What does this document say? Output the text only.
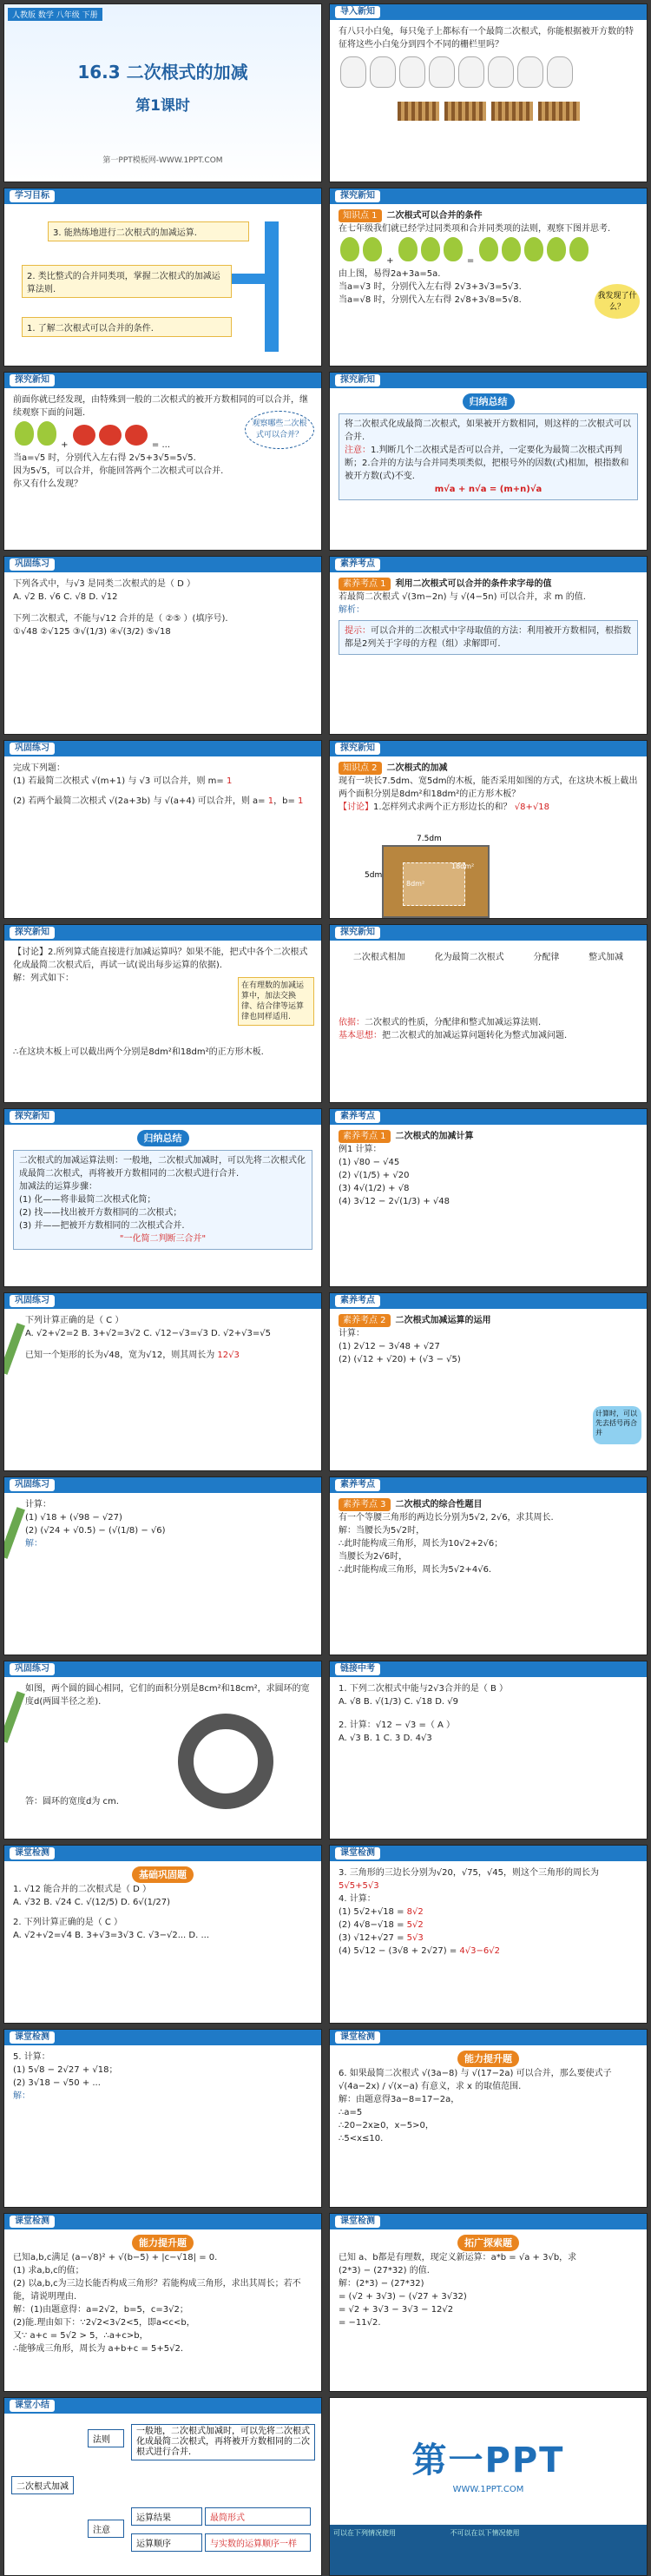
人教版 数学 八年级 下册
16.3 二次根式的加减
第1课时
第一PPT模板网-WWW.1PPT.COM
导入新知
有八只小白兔，每只兔子上都标有一个最简二次根式，你能根据被开方数的特征将这些小白兔分到四个不同的栅栏里吗？
学习目标
3. 能熟练地进行二次根式的加减运算.
2. 类比整式的合并同类项，掌握二次根式的加减运算法则.
1. 了解二次根式可以合并的条件.
探究新知
知识点 1 二次根式可以合并的条件
在七年级我们就已经学过同类项和合并同类项的法则，观察下图并思考.
+	=
由上图，易得2a+3a=5a.
当a=√3 时，分别代入左右得 2√3+3√3=5√3.
当a=√8 时，分别代入左右得 2√8+3√8=5√8.	我发现了什么？
探究新知
前面你就已经发现，由特殊到一般的二次根式的被开方数相同的可以合并，继续观察下面的问题.
+	= ...
当a=√5 时，分别代入左右得 2√5+3√5=5√5.
因为5√5，可以合并，你能回答两个二次根式可以合并.
你又有什么发现？
观察哪些二次根式可以合并？
探究新知
归纳总结
将二次根式化成最简二次根式，如果被开方数相同，则这样的二次根式可以合并.
注意：1.判断几个二次根式是否可以合并，一定要化为最简二次根式再判断；2.合并的方法与合并同类项类似，把根号外的因数(式)相加，根指数和被开方数(式)不变.
m√a + n√a = (m+n)√a
巩固练习
下列各式中，与√3 是同类二次根式的是（ D ）
A. √2 B. √6 C. √8 D. √12
下列二次根式，不能与√12 合并的是（ ②⑤ ）(填序号).
①√48 ②√125 ③√(1/3) ④√(3/2) ⑤√18
素养考点
素养考点 1 利用二次根式可以合并的条件求字母的值
若最简二次根式 √(3m−2n) 与 √(4−5n) 可以合并，求 m 的值.
解析：
提示：可以合并的二次根式中字母取值的方法：利用被开方数相同，根指数都是2列关于字母的方程（组）求解即可.
巩固练习
完成下列题：
(1) 若最简二次根式 √(m+1) 与 √3 可以合并，则 m= 1
(2) 若两个最简二次根式 √(2a+3b) 与 √(a+4) 可以合并，则 a= 1，b= 1
探究新知
知识点 2 二次根式的加减
现有一块长7.5dm、宽5dm的木板，能否采用如图的方式，在这块木板上截出两个面积分别是8dm²和18dm²的正方形木板？
【讨论】1.怎样列式求两个正方形边长的和？ √8+√18
7.5dm
5dm
8dm²
18dm²
探究新知
【讨论】2.所列算式能直接进行加减运算吗？如果不能，把式中各个二次根式化成最简二次根式后，再试一试(说出每步运算的依据).
解：列式如下：
在有理数的加减运算中，加法交换律、结合律等运算律也同样适用.
∴在这块木板上可以截出两个分别是8dm²和18dm²的正方形木板.
探究新知
二次根式相加	化为最简二次根式	分配律	整式加减
依据：二次根式的性质，分配律和整式加减运算法则.
基本思想：把二次根式的加减运算问题转化为整式加减问题.
探究新知
归纳总结
二次根式的加减运算法则：一般地，二次根式加减时，可以先将二次根式化成最简二次根式，再将被开方数相同的二次根式进行合并.
加减法的运算步骤：
(1) 化——将非最简二次根式化简；
(2) 找——找出被开方数相同的二次根式；
(3) 并——把被开方数相同的二次根式合并.
"一化简二判断三合并"
素养考点
素养考点 1 二次根式的加减计算
例1 计算：
(1) √80 − √45
(2) √(1/5) + √20
(3) 4√(1/2) + √8
(4) 3√12 − 2√(1/3) + √48
巩固练习
下列计算正确的是（ C ）
A. √2+√2=2 B. 3+√2=3√2 C. √12−√3=√3 D. √2+√3=√5
已知一个矩形的长为√48，宽为√12，则其周长为 12√3
素养考点
素养考点 2 二次根式加减运算的运用
计算：
(1) 2√12 − 3√48 + √27
(2) (√12 + √20) + (√3 − √5)
计算时，可以先去括号再合并
巩固练习
计算：
(1) √18 + (√98 − √27)
(2) (√24 + √0.5) − (√(1/8) − √6)
解：
素养考点
素养考点 3 二次根式的综合性题目
有一个等腰三角形的两边长分别为5√2, 2√6，求其周长.
解：当腰长为5√2时，
∴此时能构成三角形，周长为10√2+2√6；
当腰长为2√6时，
∴此时能构成三角形，周长为5√2+4√6.
巩固练习
如图，两个圆的圆心相同，它们的面积分别是8cm²和18cm²，求圆环的宽度d(两圆半径之差).
答：圆环的宽度d为 cm.
链接中考
1. 下列二次根式中能与2√3合并的是（ B ）
A. √8 B. √(1/3) C. √18 D. √9
2. 计算：√12 − √3 =（ A ）
A. √3 B. 1 C. 3 D. 4√3
课堂检测
基础巩固题
1. √12 能合并的二次根式是（ D ）
A. √32 B. √24 C. √(12/5) D. 6√(1/27)
2. 下列计算正确的是（ C ）
A. √2+√2=√4 B. 3+√3=3√3 C. √3−√2... D. ...
课堂检测
3. 三角形的三边长分别为√20，√75，√45，则这个三角形的周长为 5√5+5√3
4. 计算：
(1) 5√2+√18 = 8√2
(2) 4√8−√18 = 5√2
(3) √12+√27 = 5√3
(4) 5√12 − (3√8 + 2√27) = 4√3−6√2
课堂检测
5. 计算：
(1) 5√8 − 2√27 + √18；
(2) 3√18 − √50 + ...
解：
课堂检测
能力提升题
6. 如果最简二次根式 √(3a−8) 与 √(17−2a) 可以合并，那么要使式子 √(4a−2x) / √(x−a) 有意义，求 x 的取值范围.
解：由题意得3a−8=17−2a，
∴a=5
∴20−2x≥0，x−5>0，
∴5<x≤10.
课堂检测
能力提升题
已知a,b,c满足 (a−√8)² + √(b−5) + |c−√18| = 0.
(1) 求a,b,c的值；
(2) 以a,b,c为三边长能否构成三角形？若能构成三角形，求出其周长；若不能，请说明理由.
解：(1)由题意得：a=2√2，b=5，c=3√2；
(2)能.理由如下：∵2√2<3√2<5，即a<c<b，
又∵ a+c = 5√2 > 5，∴a+c>b，
∴能够成三角形，周长为 a+b+c = 5+5√2.
课堂检测
拓广探索题
已知 a、b都是有理数，现定义新运算：a*b = √a + 3√b，求
(2*3) − (27*32) 的值.
解：(2*3) − (27*32)
= (√2 + 3√3) − (√27 + 3√32)
= √2 + 3√3 − 3√3 − 12√2
= −11√2.
课堂小结
二次根式加减
法则
一般地，二次根式加减时，可以先将二次根式化成最简二次根式，再将被开方数相同的二次根式进行合并.
注意
运算结果	最简形式
运算顺序	与实数的运算顺序一样
第一PPT
WWW.1PPT.COM
可以在下列情况使用	不可以在以下情况使用
